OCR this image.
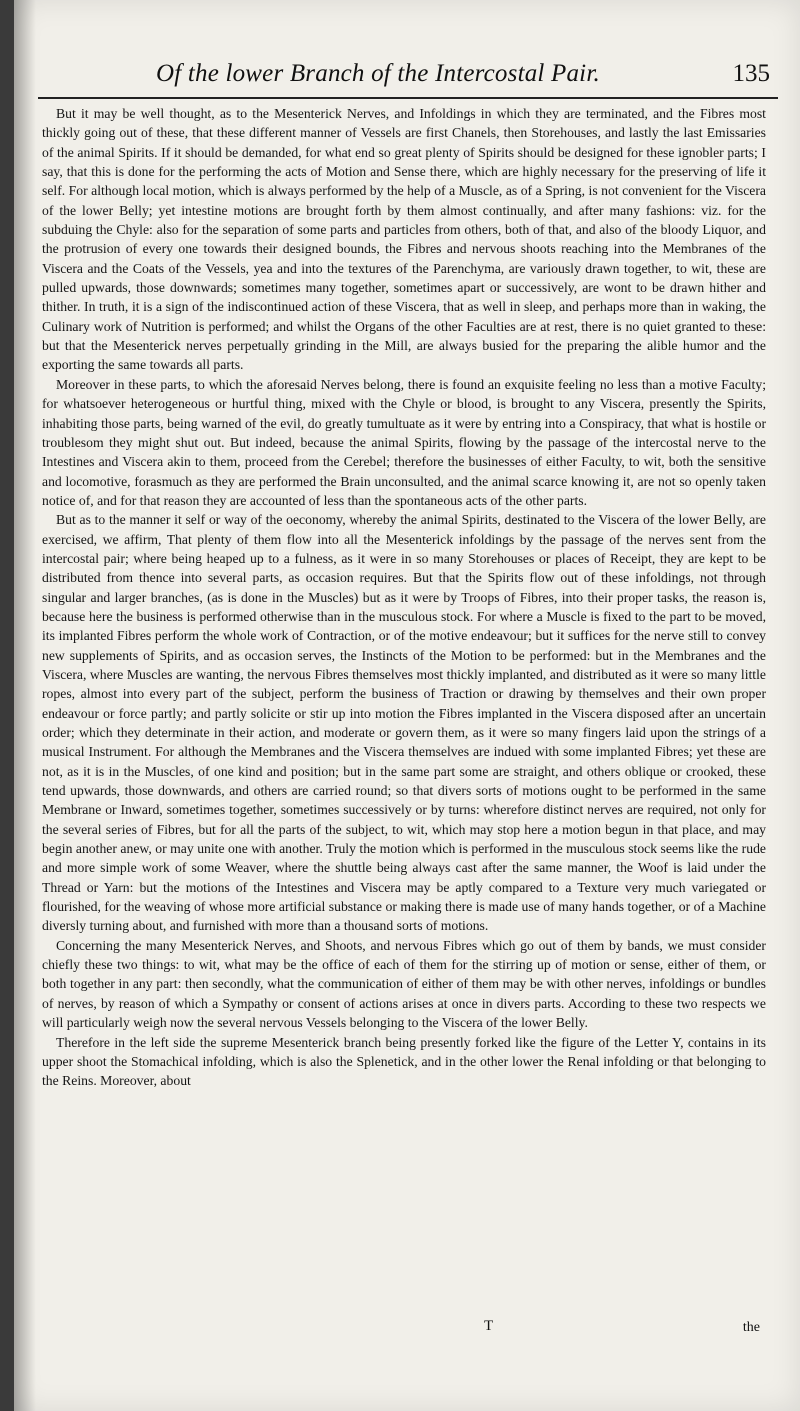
Of the lower Branch of the Intercostal Pair.	135

But it may be well thought, as to the Mesenterick Nerves, and Infoldings in which they are terminated, and the Fibres most thickly going out of these, that these different manner of Vessels are first Chanels, then Storehouses, and lastly the last Emissaries of the animal Spirits. If it should be demanded, for what end so great plenty of Spirits should be designed for these ignobler parts; I say, that this is done for the performing the acts of Motion and Sense there, which are highly necessary for the preserving of life it self. For although local motion, which is always performed by the help of a Muscle, as of a Spring, is not convenient for the Viscera of the lower Belly; yet intestine motions are brought forth by them almost continually, and after many fashions: viz. for the subduing the Chyle: also for the separation of some parts and particles from others, both of that, and also of the bloody Liquor, and the protrusion of every one towards their designed bounds, the Fibres and nervous shoots reaching into the Membranes of the Viscera and the Coats of the Vessels, yea and into the textures of the Parenchyma, are variously drawn together, to wit, these are pulled upwards, those downwards; sometimes many together, sometimes apart or successively, are wont to be drawn hither and thither. In truth, it is a sign of the indiscontinued action of these Viscera, that as well in sleep, and perhaps more than in waking, the Culinary work of Nutrition is performed; and whilst the Organs of the other Faculties are at rest, there is no quiet granted to these: but that the Mesenterick nerves perpetually grinding in the Mill, are always busied for the preparing the alible humor and the exporting the same towards all parts.

Moreover in these parts, to which the aforesaid Nerves belong, there is found an exquisite feeling no less than a motive Faculty; for whatsoever heterogeneous or hurtful thing, mixed with the Chyle or blood, is brought to any Viscera, presently the Spirits, inhabiting those parts, being warned of the evil, do greatly tumultuate as it were by entring into a Conspiracy, that what is hostile or troublesom they might shut out. But indeed, because the animal Spirits, flowing by the passage of the intercostal nerve to the Intestines and Viscera akin to them, proceed from the Cerebel; therefore the businesses of either Faculty, to wit, both the sensitive and locomotive, forasmuch as they are performed the Brain unconsulted, and the animal scarce knowing it, are not so openly taken notice of, and for that reason they are accounted of less than the spontaneous acts of the other parts.

But as to the manner it self or way of the oeconomy, whereby the animal Spirits, destinated to the Viscera of the lower Belly, are exercised, we affirm, That plenty of them flow into all the Mesenterick infoldings by the passage of the nerves sent from the intercostal pair; where being heaped up to a fulness, as it were in so many Storehouses or places of Receipt, they are kept to be distributed from thence into several parts, as occasion requires. But that the Spirits flow out of these infoldings, not through singular and larger branches, (as is done in the Muscles) but as it were by Troops of Fibres, into their proper tasks, the reason is, because here the business is performed otherwise than in the musculous stock. For where a Muscle is fixed to the part to be moved, its implanted Fibres perform the whole work of Contraction, or of the motive endeavour; but it suffices for the nerve still to convey new supplements of Spirits, and as occasion serves, the Instincts of the Motion to be performed: but in the Membranes and the Viscera, where Muscles are wanting, the nervous Fibres themselves most thickly implanted, and distributed as it were so many little ropes, almost into every part of the subject, perform the business of Traction or drawing by themselves and their own proper endeavour or force partly; and partly solicite or stir up into motion the Fibres implanted in the Viscera disposed after an uncertain order; which they determinate in their action, and moderate or govern them, as it were so many fingers laid upon the strings of a musical Instrument. For although the Membranes and the Viscera themselves are indued with some implanted Fibres; yet these are not, as it is in the Muscles, of one kind and position; but in the same part some are straight, and others oblique or crooked, these tend upwards, those downwards, and others are carried round; so that divers sorts of motions ought to be performed in the same Membrane or Inward, sometimes together, sometimes successively or by turns: wherefore distinct nerves are required, not only for the several series of Fibres, but for all the parts of the subject, to wit, which may stop here a motion begun in that place, and may begin another anew, or may unite one with another. Truly the motion which is performed in the musculous stock seems like the rude and more simple work of some Weaver, where the shuttle being always cast after the same manner, the Woof is laid under the Thread or Yarn: but the motions of the Intestines and Viscera may be aptly compared to a Texture very much variegated or flourished, for the weaving of whose more artificial substance or making there is made use of many hands together, or of a Machine diversly turning about, and furnished with more than a thousand sorts of motions.

Concerning the many Mesenterick Nerves, and Shoots, and nervous Fibres which go out of them by bands, we must consider chiefly these two things: to wit, what may be the office of each of them for the stirring up of motion or sense, either of them, or both together in any part: then secondly, what the communication of either of them may be with other nerves, infoldings or bundles of nerves, by reason of which a Sympathy or consent of actions arises at once in divers parts. According to these two respects we will particularly weigh now the several nervous Vessels belonging to the Viscera of the lower Belly.

Therefore in the left side the supreme Mesenterick branch being presently forked like the figure of the Letter Y, contains in its upper shoot the Stomachical infolding, which is also the Splenetick, and in the other lower the Renal infolding or that belonging to the Reins. Moreover, about

T	the
